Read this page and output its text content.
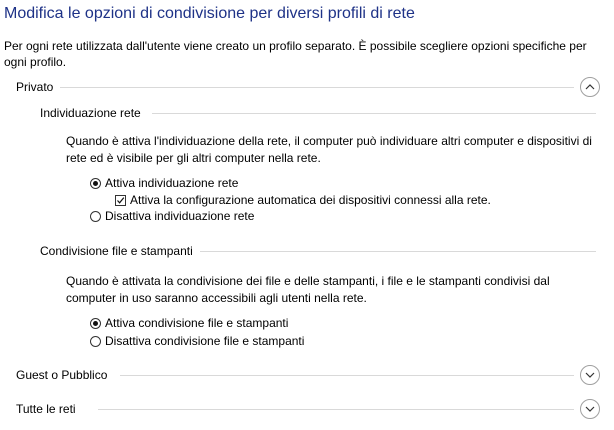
Modifica le opzioni di condivisione per diversi profili di rete
Per ogni rete utilizzata dall'utente viene creato un profilo separato. È possibile scegliere opzioni specifiche per ogni profilo.
Privato
Individuazione rete
Quando è attiva l'individuazione della rete, il computer può individuare altri computer e dispositivi di rete ed è visibile per gli altri computer nella rete.
Attiva individuazione rete
Attiva la configurazione automatica dei dispositivi connessi alla rete.
Disattiva individuazione rete
Condivisione file e stampanti
Quando è attivata la condivisione dei file e delle stampanti, i file e le stampanti condivisi dal computer in uso saranno accessibili agli utenti nella rete.
Attiva condivisione file e stampanti
Disattiva condivisione file e stampanti
Guest o Pubblico
Tutte le reti
